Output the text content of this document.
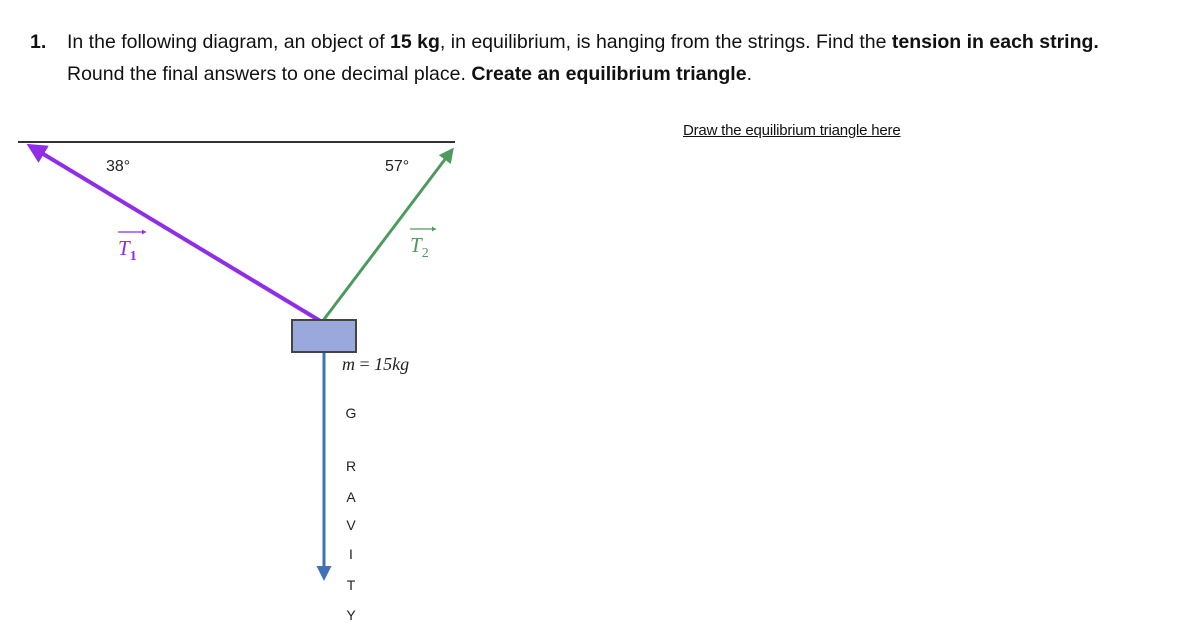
1. In the following diagram, an object of 15 kg, in equilibrium, is hanging from the strings. Find the tension in each string.
Round the final answers to one decimal place. Create an equilibrium triangle.
Draw the equilibrium triangle here
38°	57°
$T_1$	$T_2$
m = 15kg
G
R
A
V
I
T
Y
